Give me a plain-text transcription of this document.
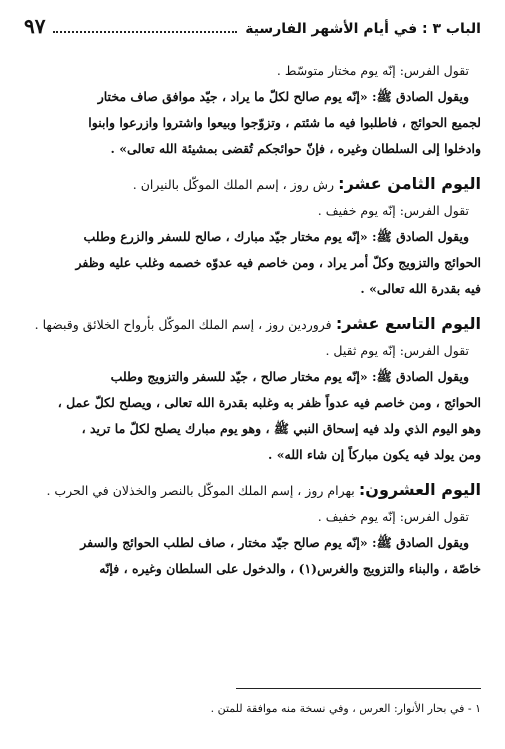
الباب ٣ : في أيام الأشهر الفارسية
٩٧
تقول الفرس: إنّه يوم مختار متوسّط .
ويقول الصادق ﷺ: «إنّه يوم صالح لكلّ ما يراد ، جيّد موافق صاف مختار
لجميع الحوائج ، فاطلبوا فيه ما شئتم ، وتزوّجوا وبيعوا واشتروا وازرعوا وابنوا
وادخلوا إلى السلطان وغيره ، فإنّ حوائجكم تُقضى بمشيئة الله تعالى» .
اليوم الثامن عشر: رش روز ، إسم الملك الموكّل بالنيران .
تقول الفرس: إنّه يوم خفيف .
ويقول الصادق ﷺ: «إنّه يوم مختار جيّد مبارك ، صالح للسفر والزرع وطلب
الحوائج والتزويج وكلّ أمر يراد ، ومن خاصم فيه عدوّه خصمه وغلب عليه وظفر
فيه بقدرة الله تعالى» .
اليوم التاسع عشر: فروردين روز ، إسم الملك الموكّل بأرواح الخلائق وقبضها .
تقول الفرس: إنّه يوم ثقيل .
ويقول الصادق ﷺ: «إنّه يوم مختار صالح ، جيّد للسفر والتزويج وطلب
الحوائج ، ومن خاصم فيه عدواً ظفر به وغلبه بقدرة الله تعالى ، ويصلح لكلّ عمل ،
وهو اليوم الذي ولد فيه إسحاق النبي ﷺ ، وهو يوم مبارك يصلح لكلّ ما تريد ،
ومن يولد فيه يكون مباركاً إن شاء الله» .
اليوم العشرون: بهرام روز ، إسم الملك الموكّل بالنصر والخذلان في الحرب .
تقول الفرس: إنّه يوم خفيف .
ويقول الصادق ﷺ: «إنّه يوم صالح جيّد مختار ، صاف لطلب الحوائج والسفر
خاصّة ، والبناء والتزويج والغرس(١) ، والدخول على السلطان وغيره ، فإنّه
١ - في بحار الأنوار: العرس ، وفي نسخة منه موافقة للمتن .
